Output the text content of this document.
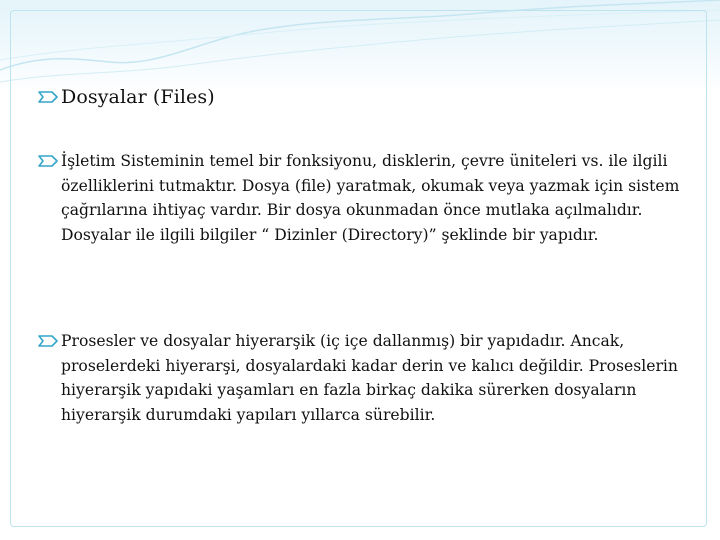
Dosyalar (Files)
İşletim Sisteminin temel bir fonksiyonu, disklerin, çevre üniteleri vs. ile ilgili özelliklerini tutmaktır. Dosya (file) yaratmak, okumak veya yazmak için sistem çağrılarına ihtiyaç vardır. Bir dosya okunmadan önce mutlaka açılmalıdır. Dosyalar ile ilgili bilgiler “ Dizinler (Directory)” şeklinde bir yapıdır.
Prosesler ve dosyalar hiyerarşik (iç içe dallanmış) bir yapıdadır. Ancak, proselerdeki hiyerarşi, dosyalardaki kadar derin ve kalıcı değildir. Proseslerin hiyerarşik yapıdaki yaşamları en fazla birkaç dakika sürerken dosyaların hiyerarşik durumdaki yapıları yıllarca sürebilir.
